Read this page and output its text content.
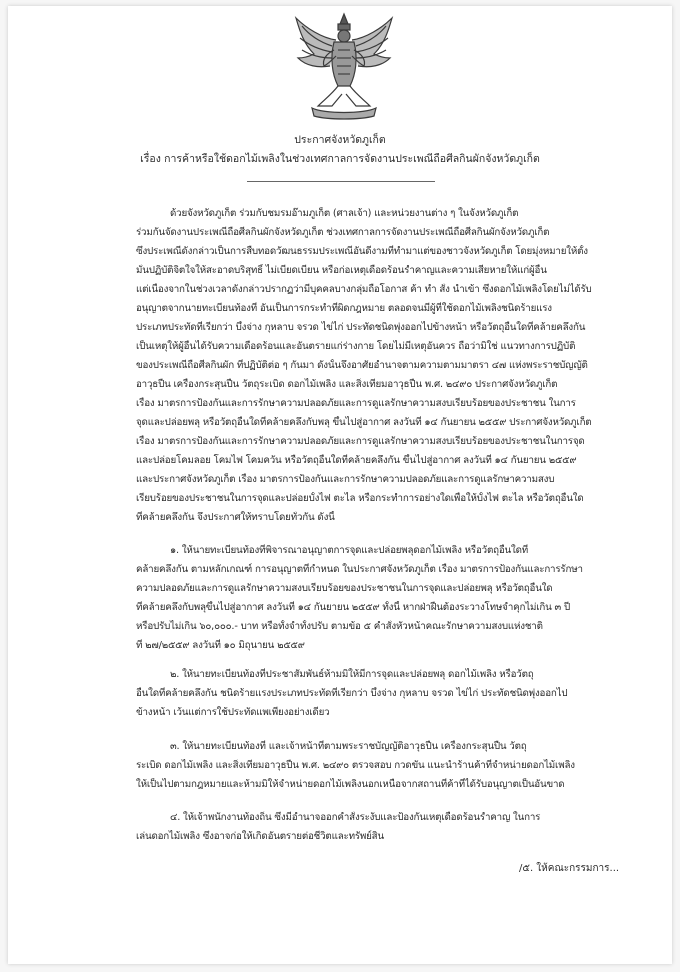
ประกาศจังหวัดภูเก็ต
เรื่อง การค้าหรือใช้ดอกไม้เพลิงในช่วงเทศกาลการจัดงานประเพณีถือศีลกินผักจังหวัดภูเก็ต
ด้วยจังหวัดภูเก็ต ร่วมกับชมรมอ๊ามภูเก็ต (ศาลเจ้า) และหน่วยงานต่าง ๆ ในจังหวัดภูเก็ต
ร่วมกันจัดงานประเพณีถือศีลกินผักจังหวัดภูเก็ต ช่วงเทศกาลการจัดงานประเพณีถือศีลกินผักจังหวัดภูเก็ต
ซึ่งประเพณีดังกล่าวเป็นการสืบทอดวัฒนธรรมประเพณีอันดีงามที่ทำมาแต่ของชาวจังหวัดภูเก็ต โดยมุ่งหมายให้ตั้ง
มั่นปฏิบัติจิตใจให้สะอาดบริสุทธิ์ ไม่เบียดเบียน หรือก่อเหตุเดือดร้อนรำคาญและความเสียหายให้แก่ผู้อื่น
แต่เนื่องจากในช่วงเวลาดังกล่าวปรากฏว่ามีบุคคลบางกลุ่มถือโอกาส ค้า ทำ สั่ง นำเข้า ซึ่งดอกไม้เพลิงโดยไม่ได้รับ
อนุญาตจากนายทะเบียนท้องที่ อันเป็นการกระทำที่ผิดกฎหมาย ตลอดจนมีผู้ที่ใช้ดอกไม้เพลิงชนิดร้ายแรง
ประเภทประทัดที่เรียกว่า บึ้งจ่าง กุหลาบ จรวด ไข่ไก่ ประทัดชนิดพุ่งออกไปข้างหน้า หรือวัตถุอื่นใดที่คล้ายคลึงกัน
เป็นเหตุให้ผู้อื่นได้รับความเดือดร้อนและอันตรายแก่ร่างกาย โดยไม่มีเหตุอันควร ถือว่ามิใช่ แนวทางการปฏิบัติ
ของประเพณีถือศีลกินผัก ที่ปฏิบัติต่อ ๆ กันมา ดังนั้นจึงอาศัยอำนาจตามความตามมาตรา ๔๗ แห่งพระราชบัญญัติ
อาวุธปืน เครื่องกระสุนปืน วัตถุระเบิด ดอกไม้เพลิง และสิ่งเทียมอาวุธปืน พ.ศ. ๒๔๙๐ ประกาศจังหวัดภูเก็ต
เรื่อง มาตรการป้องกันและการรักษาความปลอดภัยและการดูแลรักษาความสงบเรียบร้อยของประชาชน ในการ
จุดและปล่อยพลุ หรือวัตถุอื่นใดที่คล้ายคลึงกับพลุ ขึ้นไปสู่อากาศ ลงวันที่ ๑๔ กันยายน ๒๕๕๙ ประกาศจังหวัดภูเก็ต
เรื่อง มาตรการป้องกันและการรักษาความปลอดภัยและการดูแลรักษาความสงบเรียบร้อยของประชาชนในการจุด
และปล่อยโคมลอย โคมไฟ โคมควัน หรือวัตถุอื่นใดที่คล้ายคลึงกัน ขึ้นไปสู่อากาศ ลงวันที่ ๑๔ กันยายน ๒๕๕๙
และประกาศจังหวัดภูเก็ต เรื่อง มาตรการป้องกันและการรักษาความปลอดภัยและการดูแลรักษาความสงบ
เรียบร้อยของประชาชนในการจุดและปล่อยบั้งไฟ ตะไล หรือกระทำการอย่างใดเพื่อให้บั้งไฟ ตะไล หรือวัตถุอื่นใด
ที่คล้ายคลึงกัน จึงประกาศให้ทราบโดยทั่วกัน ดังนี้
๑. ให้นายทะเบียนท้องที่พิจารณาอนุญาตการจุดและปล่อยพลุดอกไม้เพลิง หรือวัตถุอื่นใดที่
คล้ายคลึงกัน ตามหลักเกณฑ์ การอนุญาตที่กำหนด ในประกาศจังหวัดภูเก็ต เรื่อง มาตรการป้องกันและการรักษา
ความปลอดภัยและการดูแลรักษาความสงบเรียบร้อยของประชาชนในการจุดและปล่อยพลุ หรือวัตถุอื่นใด
ที่คล้ายคลึงกับพลุขึ้นไปสู่อากาศ ลงวันที่ ๑๔ กันยายน ๒๕๕๙ ทั้งนี้ หากฝ่าฝืนต้องระวางโทษจำคุกไม่เกิน ๓ ปี
หรือปรับไม่เกิน ๖๐,๐๐๐.- บาท หรือทั้งจำทั้งปรับ ตามข้อ ๕ คำสั่งหัวหน้าคณะรักษาความสงบแห่งชาติ
ที่ ๒๗/๒๕๕๙ ลงวันที่ ๑๐ มิถุนายน ๒๕๕๙
๒. ให้นายทะเบียนท้องที่ประชาสัมพันธ์ห้ามมิให้มีการจุดและปล่อยพลุ ดอกไม้เพลิง หรือวัตถุ
อื่นใดที่คล้ายคลึงกัน ชนิดร้ายแรงประเภทประทัดที่เรียกว่า บึ้งจ่าง กุหลาบ จรวด ไข่ไก่ ประทัดชนิดพุ่งออกไป
ข้างหน้า เว้นแต่การใช้ประทัดแพเพียงอย่างเดียว
๓. ให้นายทะเบียนท้องที่ และเจ้าหน้าที่ตามพระราชบัญญัติอาวุธปืน เครื่องกระสุนปืน วัตถุ
ระเบิด ดอกไม้เพลิง และสิ่งเทียมอาวุธปืน พ.ศ. ๒๔๙๐ ตรวจสอบ กวดขัน แนะนำร้านค้าที่จำหน่ายดอกไม้เพลิง
ให้เป็นไปตามกฎหมายและห้ามมิให้จำหน่ายดอกไม้เพลิงนอกเหนือจากสถานที่ค้าที่ได้รับอนุญาตเป็นอันขาด
๔. ให้เจ้าพนักงานท้องถิ่น ซึ่งมีอำนาจออกคำสั่งระงับและป้องกันเหตุเดือดร้อนรำคาญ ในการ
เล่นดอกไม้เพลิง ซึ่งอาจก่อให้เกิดอันตรายต่อชีวิตและทรัพย์สิน
/๕. ให้คณะกรรมการ...
